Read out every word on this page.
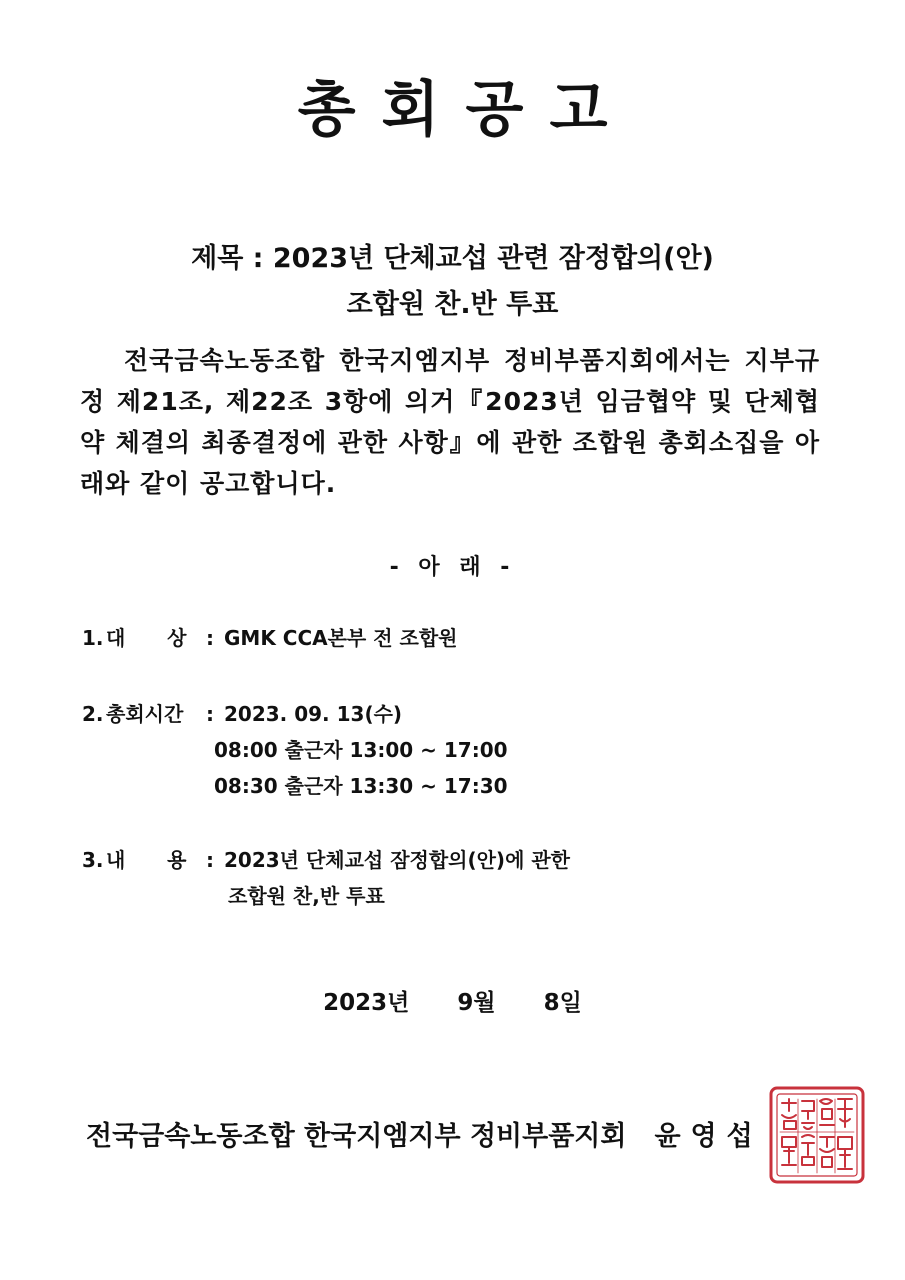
총회공고
제목 : 2023년 단체교섭 관련 잠정합의(안)
조합원 찬.반 투표
전국금속노동조합 한국지엠지부 정비부품지회에서는 지부규정 제21조, 제22조 3항에 의거『2023년 임금협약 및 단체협약 체결의 최종결정에 관한 사항』에 관한 조합원 총회소집을 아래와 같이 공고합니다.
- 아 래 -
1. 대      상 : GMK CCA본부 전 조합원
2. 총회시간 : 2023. 09. 13(수)
08:00 출근자 13:00 ~ 17:00
08:30 출근자 13:30 ~ 17:30
3. 내      용 : 2023년 단체교섭 잠정합의(안)에 관한
조합원 찬,반 투표
2023년  9월  8일
전국금속노동조합 한국지엠지부 정비부품지회 윤영섭
